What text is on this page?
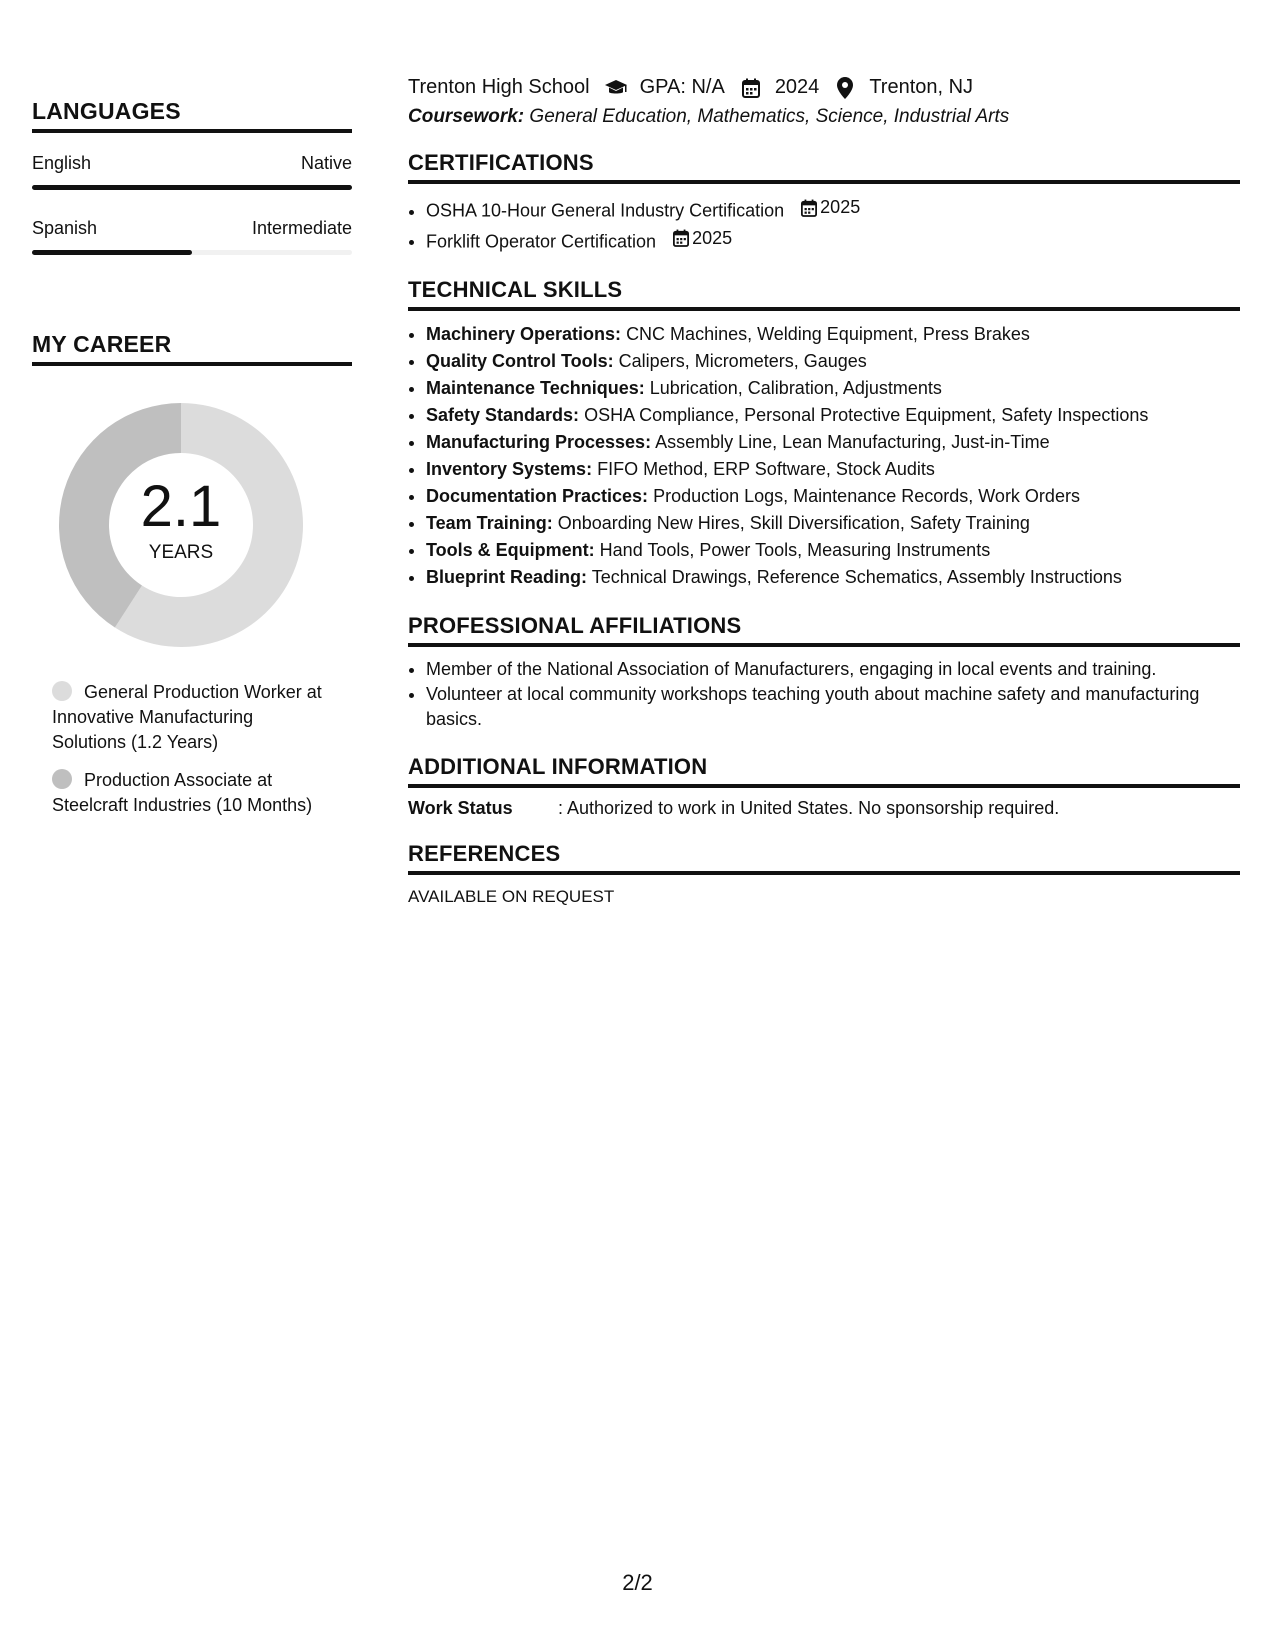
LANGUAGES
English	Native
Spanish	Intermediate
MY CAREER
2.1
YEARS
General Production Worker at Innovative Manufacturing Solutions (1.2 Years)
Production Associate at Steelcraft Industries (10 Months)
Trenton High School	GPA: N/A	2024	Trenton, NJ
Coursework: General Education, Mathematics, Science, Industrial Arts
CERTIFICATIONS
• OSHA 10-Hour General Industry Certification 2025
• Forklift Operator Certification 2025
TECHNICAL SKILLS
• Machinery Operations: CNC Machines, Welding Equipment, Press Brakes
• Quality Control Tools: Calipers, Micrometers, Gauges
• Maintenance Techniques: Lubrication, Calibration, Adjustments
• Safety Standards: OSHA Compliance, Personal Protective Equipment, Safety Inspections
• Manufacturing Processes: Assembly Line, Lean Manufacturing, Just-in-Time
• Inventory Systems: FIFO Method, ERP Software, Stock Audits
• Documentation Practices: Production Logs, Maintenance Records, Work Orders
• Team Training: Onboarding New Hires, Skill Diversification, Safety Training
• Tools & Equipment: Hand Tools, Power Tools, Measuring Instruments
• Blueprint Reading: Technical Drawings, Reference Schematics, Assembly Instructions
PROFESSIONAL AFFILIATIONS
• Member of the National Association of Manufacturers, engaging in local events and training.
• Volunteer at local community workshops teaching youth about machine safety and manufacturing basics.
ADDITIONAL INFORMATION
Work Status	: Authorized to work in United States. No sponsorship required.
REFERENCES
AVAILABLE ON REQUEST
2/2
